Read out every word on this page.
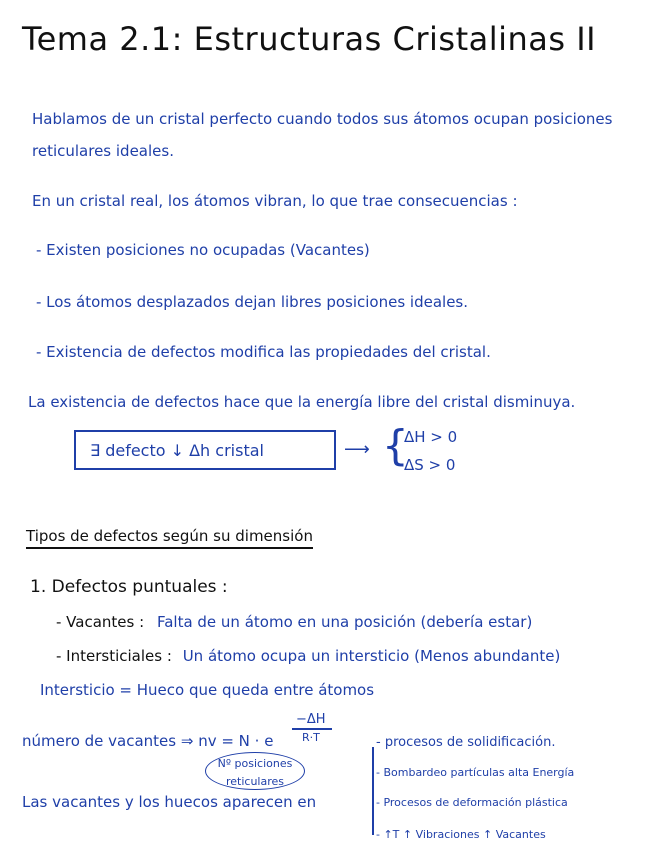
Tema 2.1: Estructuras Cristalinas II
Hablamos de un cristal perfecto cuando todos sus átomos ocupan posiciones
reticulares ideales.
En un cristal real, los átomos vibran, lo que trae consecuencias :
- Existen posiciones no ocupadas (Vacantes)
- Los átomos desplazados dejan libres posiciones ideales.
- Existencia de defectos modifica las propiedades del cristal.
La existencia de defectos hace que la energía libre del cristal disminuya.
∃ defecto ↓ Δh cristal	⟶ {
ΔH > 0
ΔS > 0
Tipos de defectos según su dimensión
1. Defectos puntuales :
- Vacantes : Falta de un átomo en una posición (debería estar)
- Intersticiales : Un átomo ocupa un intersticio (Menos abundante)
Intersticio = Hueco que queda entre átomos
número de vacantes ⇒ nv = N · e
−ΔH
R·T
Nº posiciones
reticulares
Las vacantes y los huecos aparecen en
- procesos de solidificación.
- Bombardeo partículas alta Energía
- Procesos de deformación plástica
- ↑T ↑ Vibraciones ↑ Vacantes
